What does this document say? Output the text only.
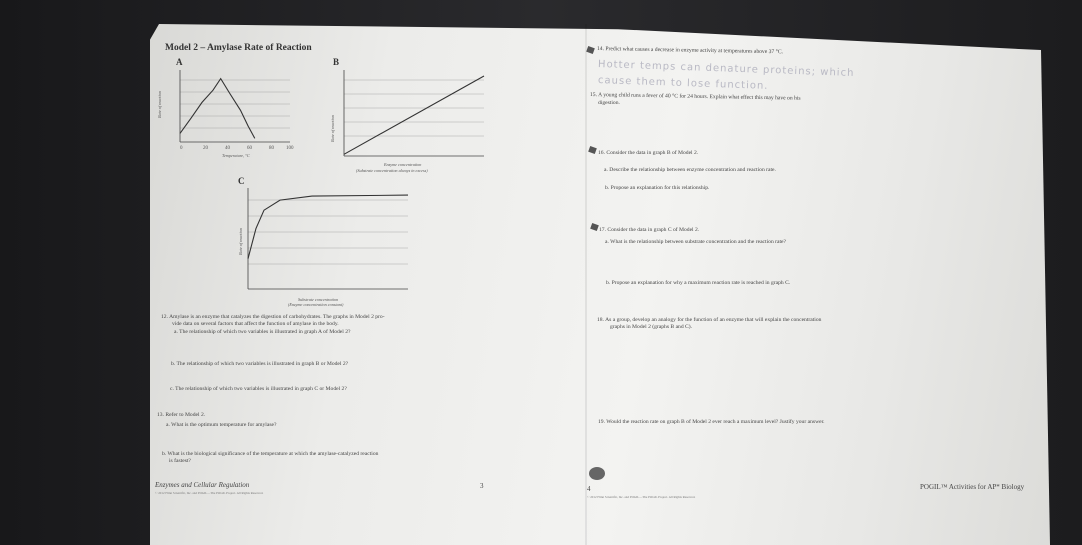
Model 2 – Amylase Rate of Reaction
A
Rate of reaction
0	20	40	60	80 100
Temperature, °C
B
Rate of reaction
Enzyme concentration
(Substrate concentration always in excess)
C
Rate of reaction
Substrate concentration
(Enzyme concentration constant)
12. Amylase is an enzyme that catalyzes the digestion of carbohydrates. The graphs in Model 2 pro-
vide data on several factors that affect the function of amylase in the body.
a. The relationship of which two variables is illustrated in graph A of Model 2?
b. The relationship of which two variables is illustrated in graph B or Model 2?
c. The relationship of which two variables is illustrated in graph C or Model 2?
13. Refer to Model 2.
a. What is the optimum temperature for amylase?
b. What is the biological significance of the temperature at which the amylase-catalyzed reaction
is fastest?
14. Predict what causes a decrease in enzyme activity at temperatures above 37 °C.
Hotter temps can denature proteins; which
cause them to lose function.
15. A young child runs a fever of 40 °C for 24 hours. Explain what effect this may have on his
digestion.
16. Consider the data in graph B of Model 2.
a. Describe the relationship between enzyme concentration and reaction rate.
b. Propose an explanation for this relationship.
17. Consider the data in graph C of Model 2.
a. What is the relationship between substrate concentration and the reaction rate?
b. Propose an explanation for why a maximum reaction rate is reached in graph C.
18. As a group, develop an analogy for the function of an enzyme that will explain the concentration
graphs in Model 2 (graphs B and C).
19. Would the reaction rate on graph B of Model 2 ever reach a maximum level? Justify your answer.
Enzymes and Cellular Regulation	3	4	POGIL™ Activities for AP* Biology
© 2012 Flinn Scientific, Inc. and POGIL—The POGIL Project. All Rights Reserved.
© 2012 Flinn Scientific, Inc. and POGIL—The POGIL Project. All Rights Reserved.
